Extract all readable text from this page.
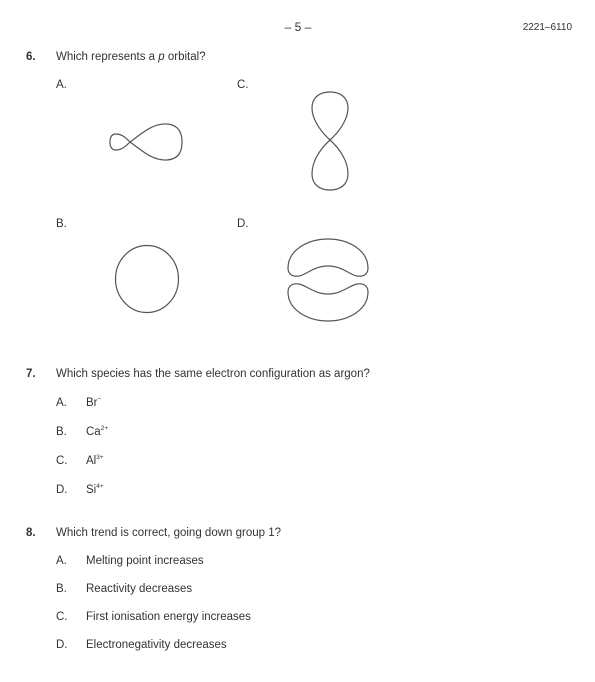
– 5 –	2221–6110
6. Which represents a p orbital?
A.
B.
C.
D.
7. Which species has the same electron configuration as argon?
A. Br−
B. $Ca^{2+}$
C. $Al^{3+}$
D. $Si^{4+}$
8. Which trend is correct, going down group 1?
A. Melting point increases
B. Reactivity decreases
C. First ionisation energy increases
D. Electronegativity decreases
